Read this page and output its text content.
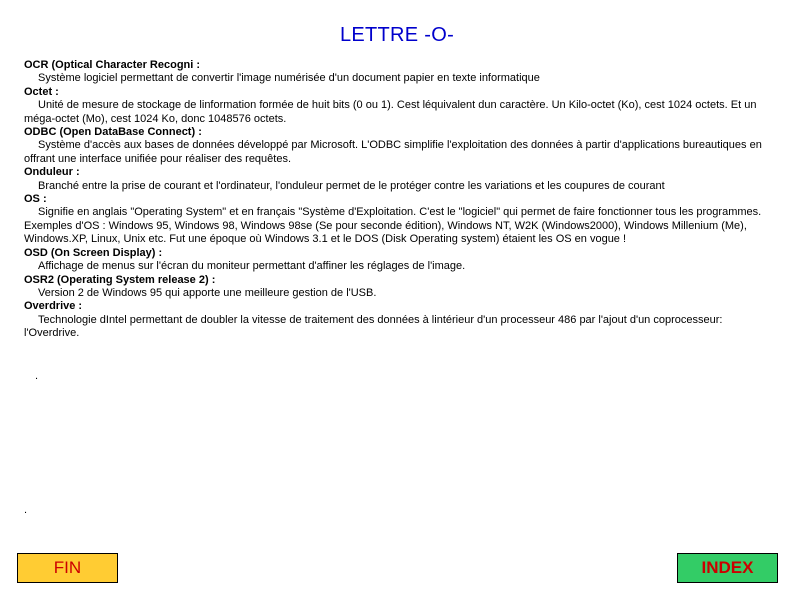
LETTRE -O-
OCR (Optical Character Recogni :
Système logiciel permettant de convertir l'image numérisée d'un document papier en texte informatique
Octet :
Unité de mesure de stockage de linformation formée de huit bits (0 ou 1). Cest léquivalent dun caractère. Un Kilo-octet (Ko), cest 1024 octets. Et un méga-octet (Mo), cest 1024 Ko, donc 1048576 octets.
ODBC (Open DataBase Connect) :
Système d'accès aux bases de données développé par Microsoft. L'ODBC simplifie l'exploitation des données à partir d'applications bureautiques en offrant une interface unifiée pour réaliser des requêtes.
Onduleur :
Branché entre la prise de courant et l'ordinateur, l'onduleur permet de le protéger contre les variations et les coupures de courant
OS :
Signifie en anglais "Operating System" et en français "Système d'Exploitation. C'est le "logiciel" qui permet de faire fonctionner tous les programmes. Exemples d'OS : Windows 95, Windows 98, Windows 98se (Se pour seconde édition), Windows NT, W2K (Windows2000), Windows Millenium (Me), Windows.XP, Linux, Unix etc. Fut une époque où Windows 3.1 et le DOS (Disk Operating system) étaient les OS en vogue !
OSD (On Screen Display) :
Affichage de menus sur l'écran du moniteur permettant d'affiner les réglages de l'image.
OSR2 (Operating System release 2) :
Version 2 de Windows 95 qui apporte une meilleure gestion de l'USB.
Overdrive :
Technologie dIntel permettant de doubler la vitesse de traitement des données à lintérieur d'un processeur 486 par l'ajout d'un coprocesseur: l'Overdrive.
.
.
FIN	INDEX
